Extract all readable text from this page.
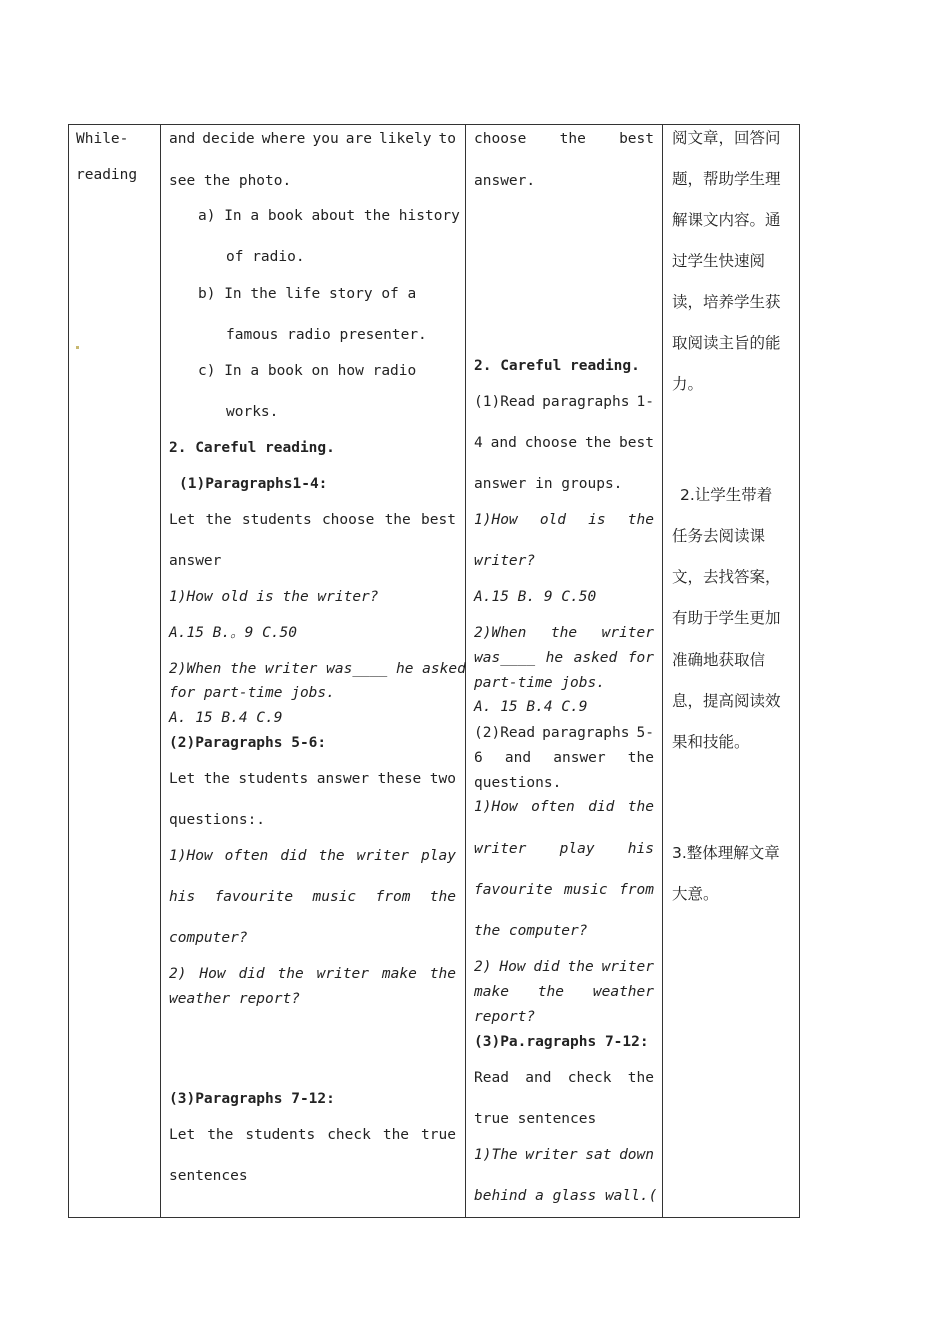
While-
reading
and decide where you are likely to
see the photo.
a) In a book about the history
of radio.
b) In the life story of a
famous radio presenter.
c) In a book on how radio
works.
2. Careful reading.
(1)Paragraphs1-4:
Let the students choose the best
answer
1)How old is the writer?
A.15 B.。9 C.50
2)When the writer was____ he asked
for part-time jobs.
A. 15 B.4 C.9
(2)Paragraphs 5-6:
Let the students answer these two
questions:.
1)How often did the writer play
his favourite music from the
computer?
2) How did the writer make the
weather report?
(3)Paragraphs 7-12:
Let the students check the true
sentences
choose the best
answer.
2. Careful reading.
(1)Read paragraphs 1-
4 and choose the best
answer in groups.
1)How old is the
writer?
A.15 B. 9 C.50
2)When the writer
was____ he asked for
part-time jobs.
A. 15 B.4 C.9
(2)Read paragraphs 5-
6 and answer the
questions.
1)How often did the
writer play his
favourite music from
the computer?
2) How did the writer
make the weather
report?
(3)Pa.ragraphs 7-12:
Read and check the
true sentences
1)The writer sat down
behind a glass wall.(
阅文章，回答问
题，帮助学生理
解课文内容。通
过学生快速阅
读，培养学生获
取阅读主旨的能
力。
2.让学生带着
任务去阅读课
文，去找答案，
有助于学生更加
准确地获取信
息，提高阅读效
果和技能。
3.整体理解文章
大意。
